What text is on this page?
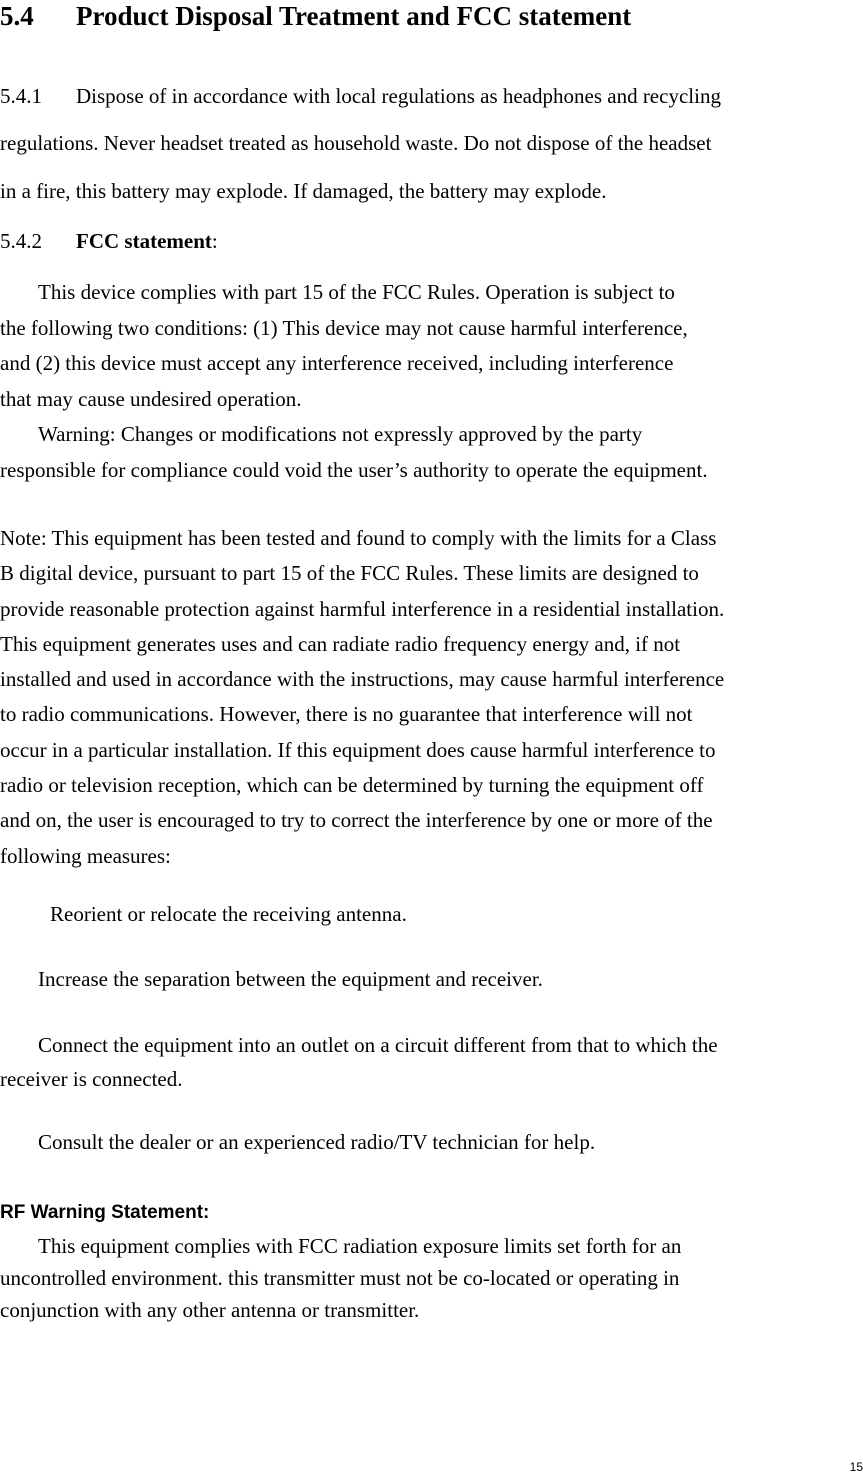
5.4 Product Disposal Treatment and FCC statement
5.4.1 Dispose of in accordance with local regulations as headphones and recycling
regulations. Never headset treated as household waste. Do not dispose of the headset
in a fire, this battery may explode. If damaged, the battery may explode.
5.4.2 FCC statement:
This device complies with part 15 of the FCC Rules. Operation is subject to
the following two conditions: (1) This device may not cause harmful interference,
and (2) this device must accept any interference received, including interference
that may cause undesired operation.
Warning: Changes or modifications not expressly approved by the party
responsible for compliance could void the user’s authority to operate the equipment.
Note: This equipment has been tested and found to comply with the limits for a Class
B digital device, pursuant to part 15 of the FCC Rules. These limits are designed to
provide reasonable protection against harmful interference in a residential installation.
This equipment generates uses and can radiate radio frequency energy and, if not
installed and used in accordance with the instructions, may cause harmful interference
to radio communications. However, there is no guarantee that interference will not
occur in a particular installation. If this equipment does cause harmful interference to
radio or television reception, which can be determined by turning the equipment off
and on, the user is encouraged to try to correct the interference by one or more of the
following measures:
Reorient or relocate the receiving antenna.
Increase the separation between the equipment and receiver.
Connect the equipment into an outlet on a circuit different from that to which the
receiver is connected.
Consult the dealer or an experienced radio/TV technician for help.
RF Warning Statement:
This equipment complies with FCC radiation exposure limits set forth for an
uncontrolled environment. this transmitter must not be co-located or operating in
conjunction with any other antenna or transmitter.
15
